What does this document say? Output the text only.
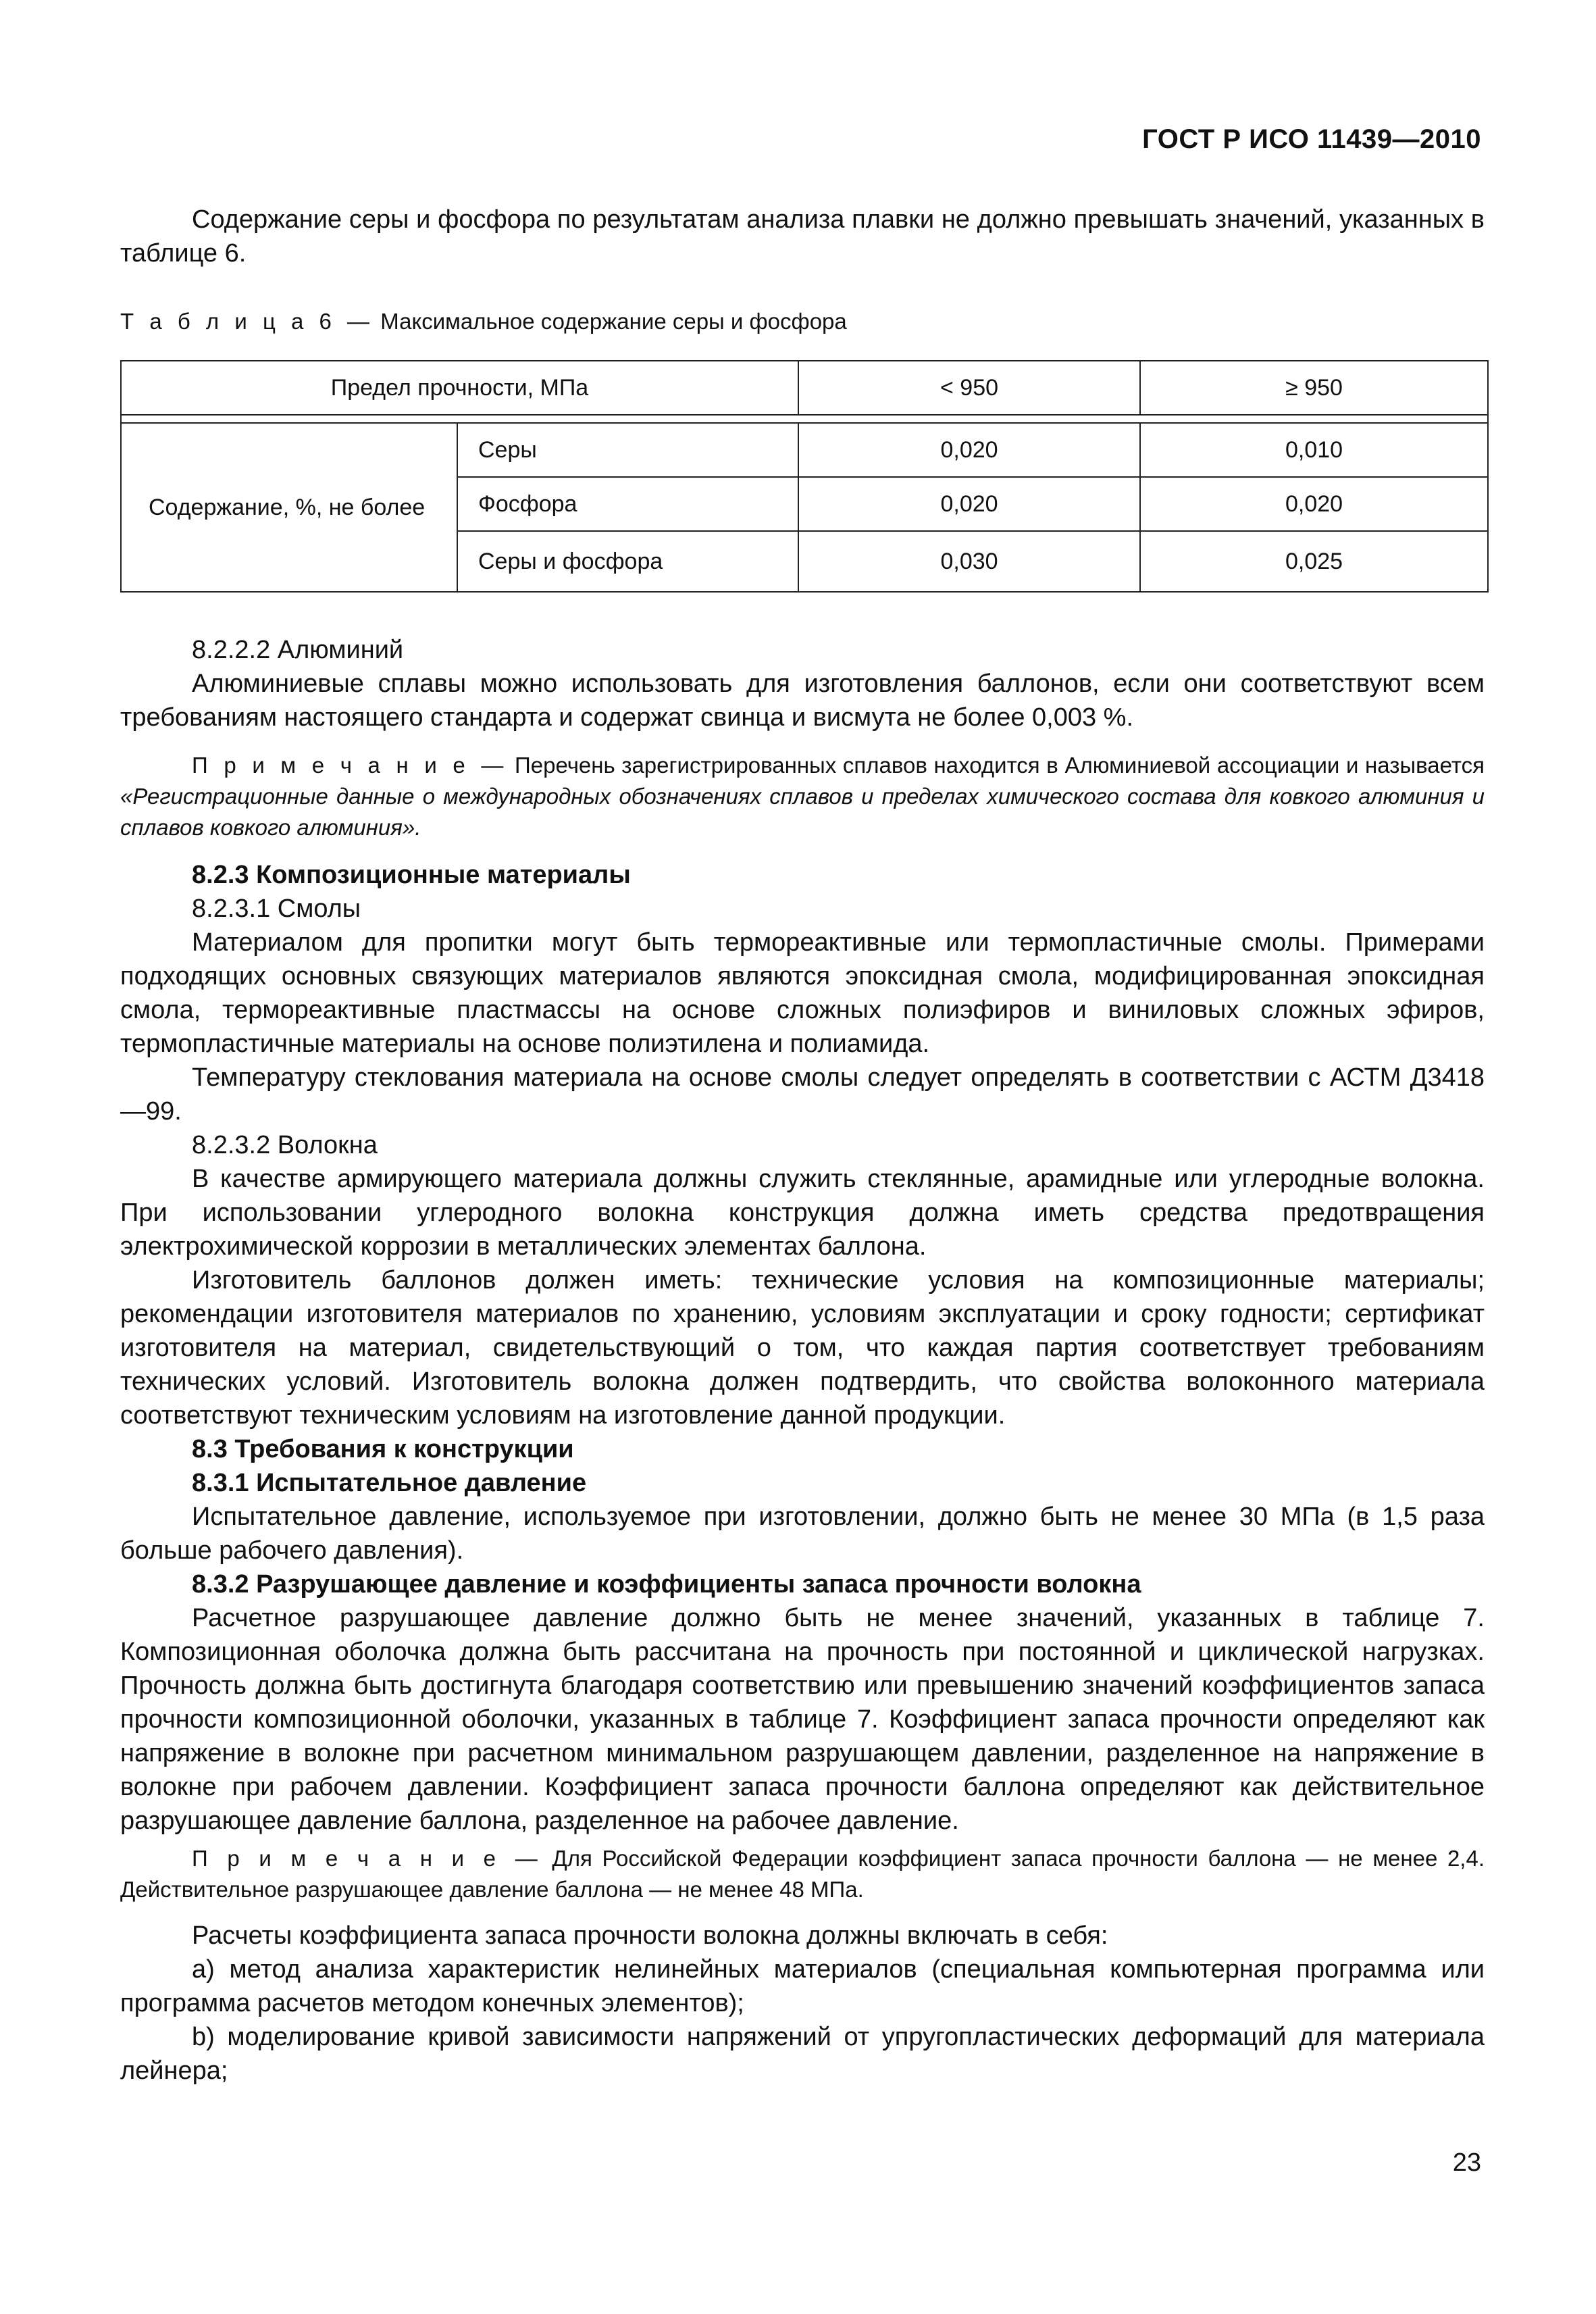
ГОСТ Р ИСО 11439—2010

Содержание серы и фосфора по результатам анализа плавки не должно превышать значений, указанных в таблице 6.

Т а б л и ц а 6 — Максимальное содержание серы и фосфора
Предел прочности, МПа		< 950	≥ 950

Содержание, %, не более	Серы	0,020	0,010
	Фосфора	0,020	0,020
	Серы и фосфора	0,030	0,025

8.2.2.2 Алюминий

Алюминиевые сплавы можно использовать для изготовления баллонов, если они соответствуют всем требованиям настоящего стандарта и содержат свинца и висмута не более 0,003 %.

П р и м е ч а н и е — Перечень зарегистрированных сплавов находится в Алюминиевой ассоциации и называется «Регистрационные данные о международных обозначениях сплавов и пределах химического состава для ковкого алюминия и сплавов ковкого алюминия».

8.2.3 Композиционные материалы

8.2.3.1 Смолы

Материалом для пропитки могут быть термореактивные или термопластичные смолы. Примерами подходящих основных связующих материалов являются эпоксидная смола, модифицированная эпоксидная смола, термореактивные пластмассы на основе сложных полиэфиров и виниловых сложных эфиров, термопластичные материалы на основе полиэтилена и полиамида.

Температуру стеклования материала на основе смолы следует определять в соответствии с АСТМ Д3418—99.

8.2.3.2 Волокна

В качестве армирующего материала должны служить стеклянные, арамидные или углеродные волокна. При использовании углеродного волокна конструкция должна иметь средства предотвращения электрохимической коррозии в металлических элементах баллона.

Изготовитель баллонов должен иметь: технические условия на композиционные материалы; рекомендации изготовителя материалов по хранению, условиям эксплуатации и сроку годности; сертификат изготовителя на материал, свидетельствующий о том, что каждая партия соответствует требованиям технических условий. Изготовитель волокна должен подтвердить, что свойства волоконного материала соответствуют техническим условиям на изготовление данной продукции.

8.3 Требования к конструкции

8.3.1 Испытательное давление

Испытательное давление, используемое при изготовлении, должно быть не менее 30 МПа (в 1,5 раза больше рабочего давления).

8.3.2 Разрушающее давление и коэффициенты запаса прочности волокна

Расчетное разрушающее давление должно быть не менее значений, указанных в таблице 7. Композиционная оболочка должна быть рассчитана на прочность при постоянной и циклической нагрузках. Прочность должна быть достигнута благодаря соответствию или превышению значений коэффициентов запаса прочности композиционной оболочки, указанных в таблице 7. Коэффициент запаса прочности определяют как напряжение в волокне при расчетном минимальном разрушающем давлении, разделенное на напряжение в волокне при рабочем давлении. Коэффициент запаса прочности баллона определяют как действительное разрушающее давление баллона, разделенное на рабочее давление.

П р и м е ч а н и е — Для Российской Федерации коэффициент запаса прочности баллона — не менее 2,4. Действительное разрушающее давление баллона — не менее 48 МПа.

Расчеты коэффициента запаса прочности волокна должны включать в себя:

a) метод анализа характеристик нелинейных материалов (специальная компьютерная программа или программа расчетов методом конечных элементов);

b) моделирование кривой зависимости напряжений от упругопластических деформаций для материала лейнера;

23
